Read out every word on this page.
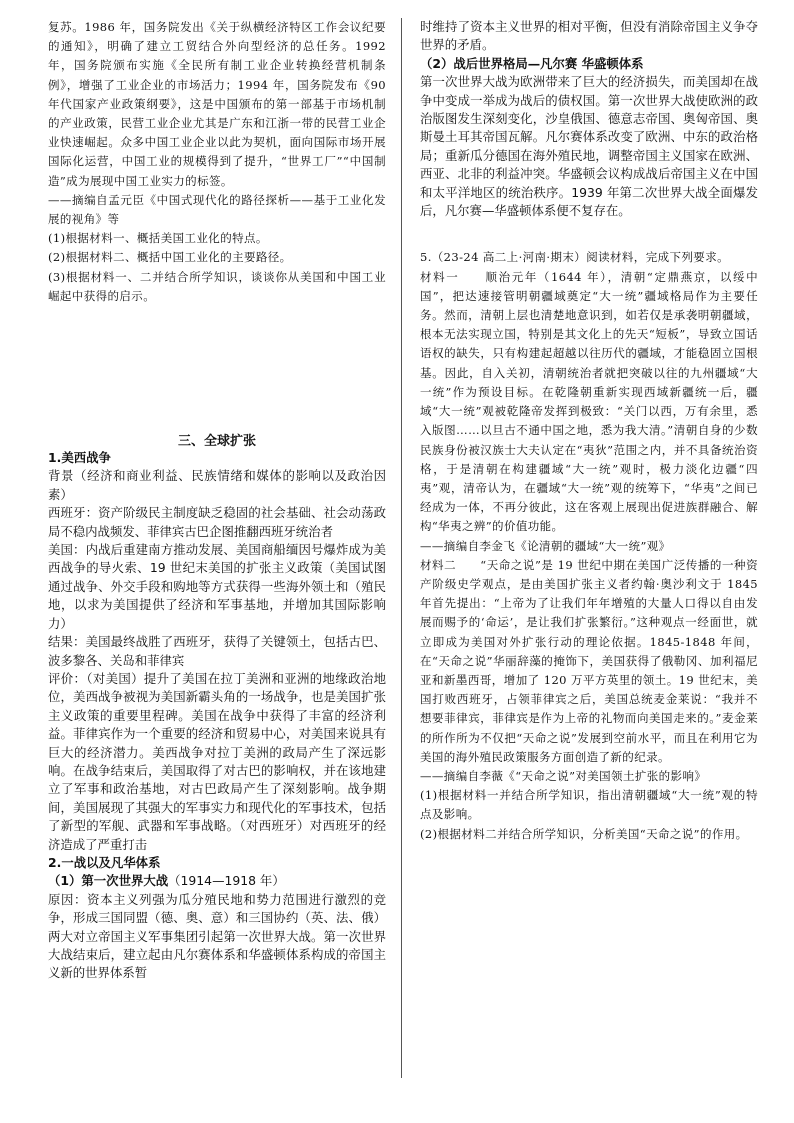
复苏。1986 年，国务院发出《关于纵横经济特区工作会议纪要的通知》，明确了建立工贸结合外向型经济的总任务。1992 年，国务院颁布实施《全民所有制工业企业转换经营机制条例》，增强了工业企业的市场活力；1994 年，国务院发布《90 年代国家产业政策纲要》，这是中国颁布的第一部基于市场机制的产业政策，民营工业企业尤其是广东和江浙一带的民营工业企业快速崛起。众多中国工业企业以此为契机，面向国际市场开展国际化运营，中国工业的规模得到了提升，“世界工厂”“中国制造”成为展现中国工业实力的标签。

——摘编自孟元臣《中国式现代化的路径探析——基于工业化发展的视角》等

(1)根据材料一、概括美国工业化的特点。

(2)根据材料二、概括中国工业化的主要路径。

(3)根据材料一、二并结合所学知识，谈谈你从美国和中国工业崛起中获得的启示。

三、全球扩张

1.美西战争

背景（经济和商业利益、民族情绪和媒体的影响以及政治因素）

西班牙：资产阶级民主制度缺乏稳固的社会基础、社会动荡政局不稳内战频发、菲律宾古巴企图推翻西班牙统治者

美国：内战后重建南方推动发展、美国商船缅因号爆炸成为美西战争的导火索、19 世纪末美国的扩张主义政策（美国试图通过战争、外交手段和购地等方式获得一些海外领土和（殖民地，以求为美国提供了经济和军事基地，并增加其国际影响力）

结果：美国最终战胜了西班牙，获得了关键领土，包括古巴、波多黎各、关岛和菲律宾

评价：（对美国）提升了美国在拉丁美洲和亚洲的地缘政治地位，美西战争被视为美国新霸头角的一场战争，也是美国扩张主义政策的重要里程碑。美国在战争中获得了丰富的经济利益。菲律宾作为一个重要的经济和贸易中心，对美国来说具有巨大的经济潜力。美西战争对拉丁美洲的政局产生了深远影响。在战争结束后，美国取得了对古巴的影响权，并在该地建立了军事和政治基地，对古巴政局产生了深刻影响。战争期间，美国展现了其强大的军事实力和现代化的军事技术，包括了新型的军舰、武器和军事战略。（对西班牙）对西班牙的经济造成了严重打击

2.一战以及凡华体系

（1）第一次世界大战（1914—1918 年）

原因：资本主义列强为瓜分殖民地和势力范围进行激烈的竞争，形成三国同盟（德、奥、意）和三国协约（英、法、俄）两大对立帝国主义军事集团引起第一次世界大战。第一次世界大战结束后，建立起由凡尔赛体系和华盛顿体系构成的帝国主义新的世界体系暂

时维持了资本主义世界的相对平衡，但没有消除帝国主义争夺世界的矛盾。

（2）战后世界格局—凡尔赛 华盛顿体系

第一次世界大战为欧洲带来了巨大的经济损失，而美国却在战争中变成一举成为战后的债权国。第一次世界大战使欧洲的政治版图发生深刻变化，沙皇俄国、德意志帝国、奥匈帝国、奥斯曼土耳其帝国瓦解。凡尔赛体系改变了欧洲、中东的政治格局；重新瓜分德国在海外殖民地，调整帝国主义国家在欧洲、西亚、北非的利益冲突。华盛顿会议构成战后帝国主义在中国和太平洋地区的统治秩序。1939 年第二次世界大战全面爆发后，凡尔赛—华盛顿体系便不复存在。

5.（23-24 高二上·河南·期末）阅读材料，完成下列要求。

材料一　　顺治元年（1644 年），清朝“定鼎燕京，以绥中国”，把达速接管明朝疆域奠定“大一统”疆域格局作为主要任务。然而，清朝上层也清楚地意识到，如若仅是承袭明朝疆域，根本无法实现立国，特别是其文化上的先天“短板”，导致立国话语权的缺失，只有构建起超越以往历代的疆域，才能稳固立国根基。因此，自入关初，清朝统治者就把突破以往的九州疆域“大一统”作为预设目标。在乾隆朝重新实现西域新疆统一后，疆域“大一统”观被乾隆帝发挥到极致：“关门以西，万有余里，悉入版图……以旦古不通中国之地，悉为我大清。”清朝自身的少数民族身份被汉族士大夫认定在“夷狄”范围之内，并不具备统治资格，于是清朝在构建疆域“大一统”观时，极力淡化边疆“四夷”观，清帝认为，在疆域“大一统”观的统筹下，“华夷”之间已经成为一体，不再分彼此，这在客观上展现出促进族群融合、解构“华夷之辨”的价值功能。

——摘编自李金飞《论清朝的疆域“大一统”观》

材料二　　“天命之说”是 19 世纪中期在美国广泛传播的一种资产阶级史学观点，是由美国扩张主义者约翰·奥沙利文于 1845 年首先提出：“上帝为了让我们年年增殖的大量人口得以自由发展而赐予的‘命运’，是让我们扩张繁衍。”这种观点一经面世，就立即成为美国对外扩张行动的理论依据。1845-1848 年间，在“天命之说”华丽辞藻的掩饰下，美国获得了俄勒冈、加利福尼亚和新墨西哥，增加了 120 万平方英里的领土。19 世纪末，美国打败西班牙，占领菲律宾之后，美国总统麦金莱说：“我并不想要菲律宾，菲律宾是作为上帝的礼物而向美国走来的。”麦金莱的所作所为不仅把“天命之说”发展到空前水平，而且在利用它为美国的海外殖民政策服务方面创造了新的纪录。

——摘编自李薇《“天命之说”对美国领土扩张的影响》

(1)根据材料一并结合所学知识，指出清朝疆域“大一统”观的特点及影响。

(2)根据材料二并结合所学知识，分析美国“天命之说”的作用。
